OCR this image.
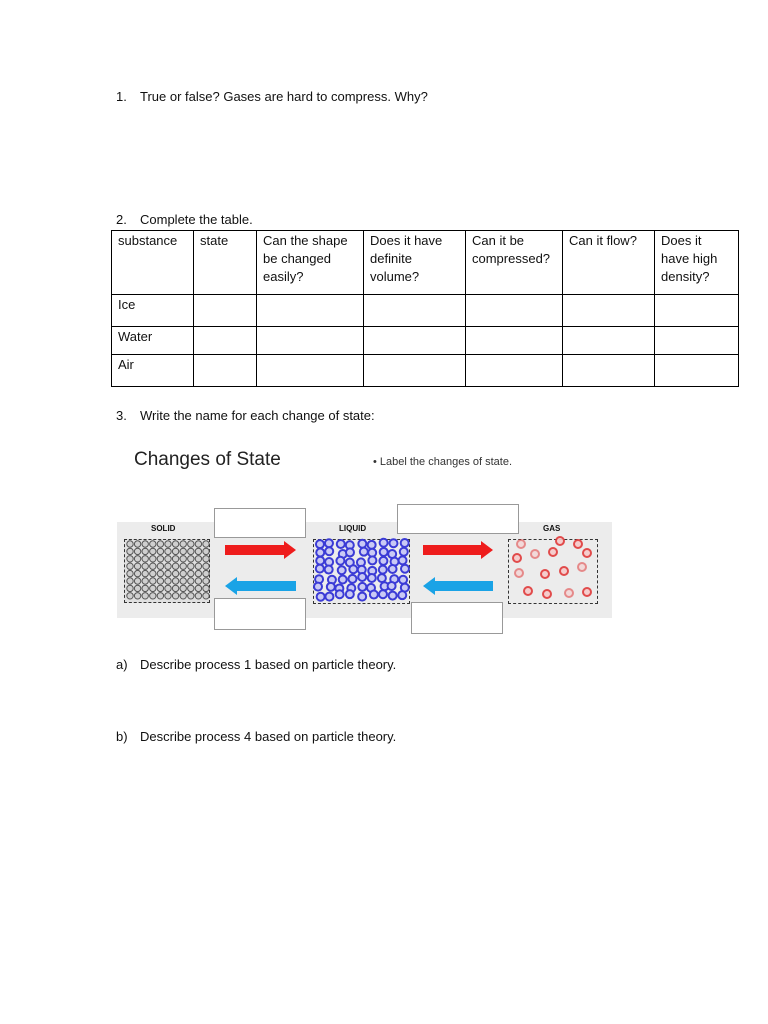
1. True or false? Gases are hard to compress. Why?
2. Complete the table.
substance	state	Can the shape be changed easily?	Does it have definite volume?	Can it be compressed?	Can it flow?	Does it have high density?
Ice						
Water						
Air						
3. Write the name for each change of state:
Changes of State	• Label the changes of state.
SOLID	LIQUID	GAS
a) Describe process 1 based on particle theory.
b) Describe process 4 based on particle theory.
